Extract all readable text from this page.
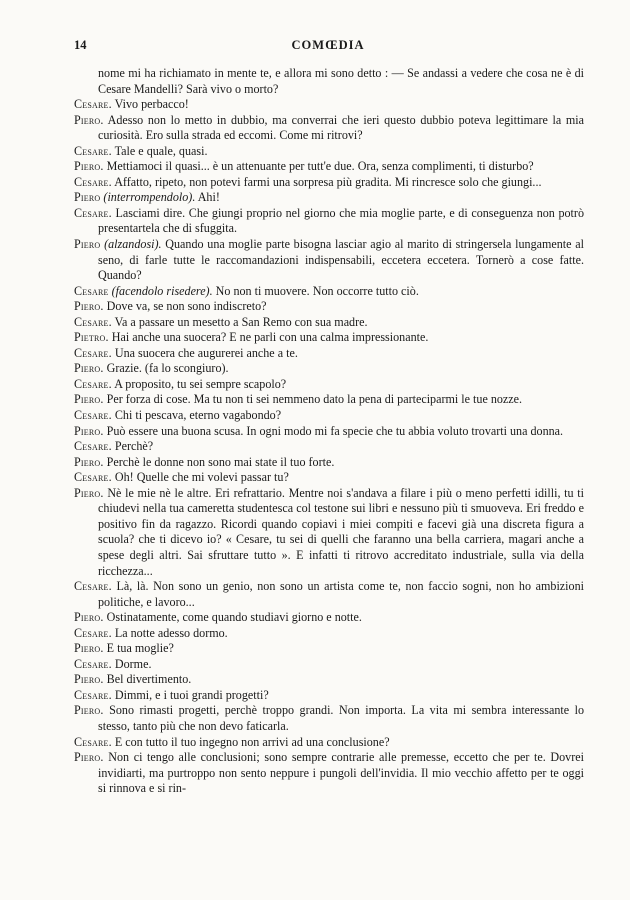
14	COMŒDIA

nome mi ha richiamato in mente te, e allora mi sono detto : — Se andassi a vedere che cosa ne è di Cesare Mandelli? Sarà vivo o morto?

Cesare. Vivo perbacco!

Piero. Adesso non lo metto in dubbio, ma converrai che ieri questo dubbio poteva legittimare la mia curiosità. Ero sulla strada ed eccomi. Come mi ritrovi?

Cesare. Tale e quale, quasi.

Piero. Mettiamoci il quasi... è un attenuante per tutt'e due. Ora, senza complimenti, ti disturbo?

Cesare. Affatto, ripeto, non potevi farmi una sorpresa più gradita. Mi rincresce solo che giungi...

Piero (interrompendolo). Ahi!

Cesare. Lasciami dire. Che giungi proprio nel giorno che mia moglie parte, e di conseguenza non potrò presentartela che di sfuggita.

Piero (alzandosi). Quando una moglie parte bisogna lasciar agio al marito di stringersela lungamente al seno, di farle tutte le raccomandazioni indispensabili, eccetera eccetera. Tornerò a cose fatte. Quando?

Cesare (facendolo risedere). No non ti muovere. Non occorre tutto ciò.

Piero. Dove va, se non sono indiscreto?

Cesare. Va a passare un mesetto a San Remo con sua madre.

Pietro. Hai anche una suocera? E ne parli con una calma impressionante.

Cesare. Una suocera che augurerei anche a te.

Piero. Grazie. (fa lo scongiuro).

Cesare. A proposito, tu sei sempre scapolo?

Piero. Per forza di cose. Ma tu non ti sei nemmeno dato la pena di parteciparmi le tue nozze.

Cesare. Chi ti pescava, eterno vagabondo?

Piero. Può essere una buona scusa. In ogni modo mi fa specie che tu abbia voluto trovarti una donna.

Cesare. Perchè?

Piero. Perchè le donne non sono mai state il tuo forte.

Cesare. Oh! Quelle che mi volevi passar tu?

Piero. Nè le mie nè le altre. Eri refrattario. Mentre noi s'andava a filare i più o meno perfetti idilli, tu ti chiudevi nella tua cameretta studentesca col testone sui libri e nessuno più ti smuoveva. Eri freddo e positivo fin da ragazzo. Ricordi quando copiavi i miei compiti e facevi già una discreta figura a scuola? che ti dicevo io? « Cesare, tu sei di quelli che faranno una bella carriera, magari anche a spese degli altri. Sai sfruttare tutto ». E infatti ti ritrovo accreditato industriale, sulla via della ricchezza...

Cesare. Là, là. Non sono un genio, non sono un artista come te, non faccio sogni, non ho ambizioni politiche, e lavoro...

Piero. Ostinatamente, come quando studiavi giorno e notte.

Cesare. La notte adesso dormo.

Piero. E tua moglie?

Cesare. Dorme.

Piero. Bel divertimento.

Cesare. Dimmi, e i tuoi grandi progetti?

Piero. Sono rimasti progetti, perchè troppo grandi. Non importa. La vita mi sembra interessante lo stesso, tanto più che non devo faticarla.

Cesare. E con tutto il tuo ingegno non arrivi ad una conclusione?

Piero. Non ci tengo alle conclusioni; sono sempre contrarie alle premesse, eccetto che per te. Dovrei invidiarti, ma purtroppo non sento neppure i pungoli dell'invidia. Il mio vecchio affetto per te oggi si rinnova e si rin-
